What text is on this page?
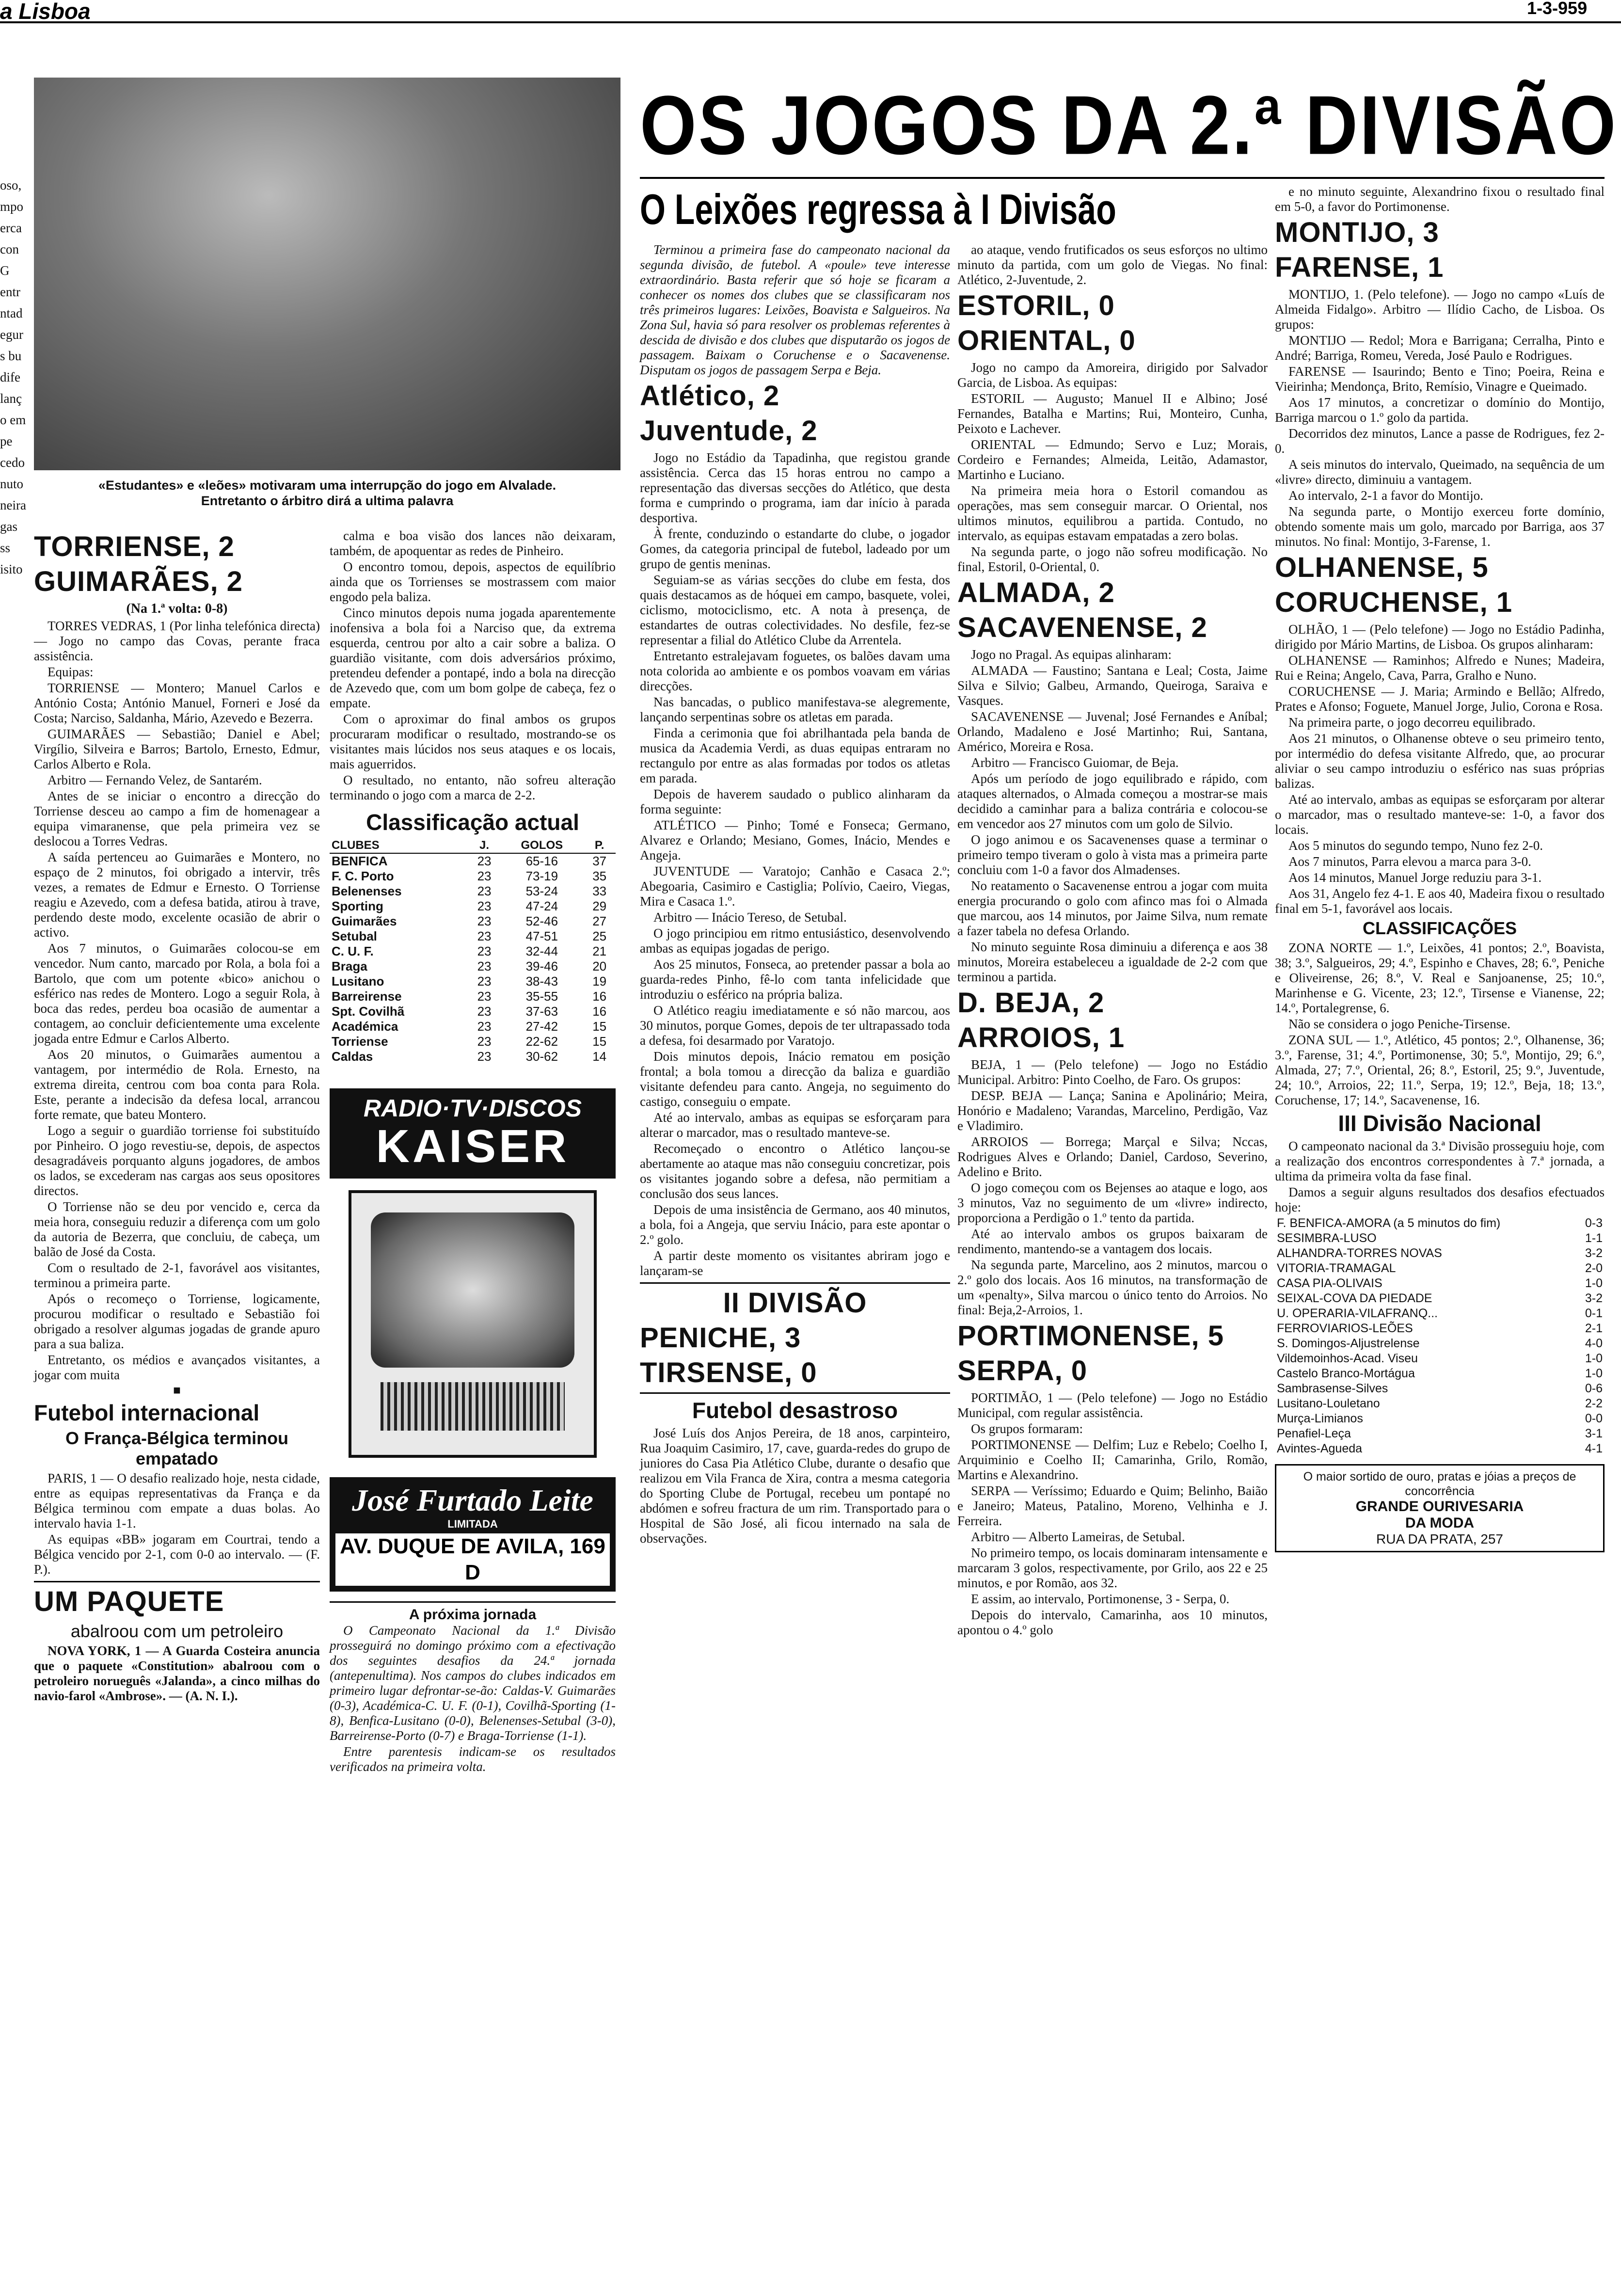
a Lisboa	1-3-959
oso,
mpo
erca
con
G
entr
ntad
egur
s bu
dife
lanç
o em
pe
cedo
nuto
neira
gas
ss
isito
«Estudantes» e «leões» motivaram uma interrupção do jogo em Alvalade.
Entretanto o árbitro dirá a ultima palavra
OS JOGOS DA 2.ª DIVISÃO
TORRIENSE, 2
GUIMARÃES, 2
(Na 1.ª volta: 0-8)

TORRES VEDRAS, 1 (Por linha telefónica directa) — Jogo no campo das Covas, perante fraca assistência.

Equipas:

TORRIENSE — Montero; Manuel Carlos e António Costa; António Manuel, Forneri e José da Costa; Narciso, Saldanha, Mário, Azevedo e Bezerra.

GUIMARÃES — Sebastião; Daniel e Abel; Virgílio, Silveira e Barros; Bartolo, Ernesto, Edmur, Carlos Alberto e Rola.

Arbitro — Fernando Velez, de Santarém.

Antes de se iniciar o encontro a direcção do Torriense desceu ao campo a fim de homenagear a equipa vimaranense, que pela primeira vez se deslocou a Torres Vedras.

A saída pertenceu ao Guimarães e Montero, no espaço de 2 minutos, foi obrigado a intervir, três vezes, a remates de Edmur e Ernesto. O Torriense reagiu e Azevedo, com a defesa batida, atirou à trave, perdendo deste modo, excelente ocasião de abrir o activo.

Aos 7 minutos, o Guimarães colocou-se em vencedor. Num canto, marcado por Rola, a bola foi a Bartolo, que com um potente «bico» anichou o esférico nas redes de Montero. Logo a seguir Rola, à boca das redes, perdeu boa ocasião de aumentar a contagem, ao concluir deficientemente uma excelente jogada entre Edmur e Carlos Alberto.

Aos 20 minutos, o Guimarães aumentou a vantagem, por intermédio de Rola. Ernesto, na extrema direita, centrou com boa conta para Rola. Este, perante a indecisão da defesa local, arrancou forte remate, que bateu Montero.

Logo a seguir o guardião torriense foi substituído por Pinheiro. O jogo revestiu-se, depois, de aspectos desagradáveis porquanto alguns jogadores, de ambos os lados, se excederam nas cargas aos seus opositores directos.

O Torriense não se deu por vencido e, cerca da meia hora, conseguiu reduzir a diferença com um golo da autoria de Bezerra, que concluiu, de cabeça, um balão de José da Costa.

Com o resultado de 2-1, favorável aos visitantes, terminou a primeira parte.

Após o recomeço o Torriense, logicamente, procurou modificar o resultado e Sebastião foi obrigado a resolver algumas jogadas de grande apuro para a sua baliza.

Entretanto, os médios e avançados visitantes, a jogar com muita

■
Futebol internacional
O França-Bélgica terminou empatado

PARIS, 1 — O desafio realizado hoje, nesta cidade, entre as equipas representativas da França e da Bélgica terminou com empate a duas bolas. Ao intervalo havia 1-1.

As equipas «BB» jogaram em Courtrai, tendo a Bélgica vencido por 2-1, com 0-0 ao intervalo. — (F. P.).

UM PAQUETE
abalroou com um petroleiro

NOVA YORK, 1 — A Guarda Costeira anuncia que o paquete «Constitution» abalroou com o petroleiro norueguês «Jalanda», a cinco milhas do navio-farol «Ambrose». — (A. N. I.).

calma e boa visão dos lances não deixaram, também, de apoquentar as redes de Pinheiro.

O encontro tomou, depois, aspectos de equilíbrio ainda que os Torrienses se mostrassem com maior engodo pela baliza.

Cinco minutos depois numa jogada aparentemente inofensiva a bola foi a Narciso que, da extrema esquerda, centrou por alto a cair sobre a baliza. O guardião visitante, com dois adversários próximo, pretendeu defender a pontapé, indo a bola na direcção de Azevedo que, com um bom golpe de cabeça, fez o empate.

Com o aproximar do final ambos os grupos procuraram modificar o resultado, mostrando-se os visitantes mais lúcidos nos seus ataques e os locais, mais aguerridos.

O resultado, no entanto, não sofreu alteração terminando o jogo com a marca de 2-2.

Classificação actual
CLUBES	J.	GOLOS	P.
BENFICA	23	65-16	37
F. C. Porto	23	73-19	35
Belenenses	23	53-24	33
Sporting	23	47-24	29
Guimarães	23	52-46	27
Setubal	23	47-51	25
C. U. F.	23	32-44	21
Braga	23	39-46	20
Lusitano	23	38-43	19
Barreirense	23	35-55	16
Spt. Covilhã	23	37-63	16
Académica	23	27-42	15
Torriense	23	22-62	15
Caldas	23	30-62	14
RADIO·TV·DISCOS
KAISER
José Furtado Leite
LIMITADA
AV. DUQUE DE AVILA, 169 D
A próxima jornada

O Campeonato Nacional da 1.ª Divisão prosseguirá no domingo próximo com a efectivação dos seguintes desafios da 24.ª jornada (antepenultima). Nos campos do clubes indicados em primeiro lugar defrontar-se-ão: Caldas-V. Guimarães (0-3), Académica-C. U. F. (0-1), Covilhã-Sporting (1-8), Benfica-Lusitano (0-0), Belenenses-Setubal (3-0), Barreirense-Porto (0-7) e Braga-Torriense (1-1).

Entre parentesis indicam-se os resultados verificados na primeira volta.

O Leixões regressa à I Divisão

Terminou a primeira fase do campeonato nacional da segunda divisão, de futebol. A «poule» teve interesse extraordinário. Basta referir que só hoje se ficaram a conhecer os nomes dos clubes que se classificaram nos três primeiros lugares: Leixões, Boavista e Salgueiros. Na Zona Sul, havia só para resolver os problemas referentes à descida de divisão e dos clubes que disputarão os jogos de passagem. Baixam o Coruchense e o Sacavenense. Disputam os jogos de passagem Serpa e Beja.

Atlético, 2
Juventude, 2

Jogo no Estádio da Tapadinha, que registou grande assistência. Cerca das 15 horas entrou no campo a representação das diversas secções do Atlético, que desta forma e cumprindo o programa, iam dar início à parada desportiva.

À frente, conduzindo o estandarte do clube, o jogador Gomes, da categoria principal de futebol, ladeado por um grupo de gentis meninas.

Seguiam-se as várias secções do clube em festa, dos quais destacamos as de hóquei em campo, basquete, volei, ciclismo, motociclismo, etc. A nota à presença, de estandartes de outras colectividades. No desfile, fez-se representar a filial do Atlético Clube da Arrentela.

Entretanto estralejavam foguetes, os balões davam uma nota colorida ao ambiente e os pombos voavam em várias direcções.

Nas bancadas, o publico manifestava-se alegremente, lançando serpentinas sobre os atletas em parada.

Finda a cerimonia que foi abrilhantada pela banda de musica da Academia Verdi, as duas equipas entraram no rectangulo por entre as alas formadas por todos os atletas em parada.

Depois de haverem saudado o publico alinharam da forma seguinte:

ATLÉTICO — Pinho; Tomé e Fonseca; Germano, Alvarez e Orlando; Mesiano, Gomes, Inácio, Mendes e Angeja.

JUVENTUDE — Varatojo; Canhão e Casaca 2.º; Abegoaria, Casimiro e Castiglia; Polívio, Caeiro, Viegas, Mira e Casaca 1.º.

Arbitro — Inácio Tereso, de Setubal.

O jogo principiou em ritmo entusiástico, desenvolvendo ambas as equipas jogadas de perigo.

Aos 25 minutos, Fonseca, ao pretender passar a bola ao guarda-redes Pinho, fê-lo com tanta infelicidade que introduziu o esférico na própria baliza.

O Atlético reagiu imediatamente e só não marcou, aos 30 minutos, porque Gomes, depois de ter ultrapassado toda a defesa, foi desarmado por Varatojo.

Dois minutos depois, Inácio rematou em posição frontal; a bola tomou a direcção da baliza e guardião visitante defendeu para canto. Angeja, no seguimento do castigo, conseguiu o empate.

Até ao intervalo, ambas as equipas se esforçaram para alterar o marcador, mas o resultado manteve-se.

Recomeçado o encontro o Atlético lançou-se abertamente ao ataque mas não conseguiu concretizar, pois os visitantes jogando sobre a defesa, não permitiam a conclusão dos seus lances.

Depois de uma insistência de Germano, aos 40 minutos, a bola, foi a Angeja, que serviu Inácio, para este apontar o 2.º golo.

A partir deste momento os visitantes abriram jogo e lançaram-se

II DIVISÃO
PENICHE, 3
TIRSENSE, 0
Futebol desastroso

José Luís dos Anjos Pereira, de 18 anos, carpinteiro, Rua Joaquim Casimiro, 17, cave, guarda-redes do grupo de juniores do Casa Pia Atlético Clube, durante o desafio que realizou em Vila Franca de Xira, contra a mesma categoria do Sporting Clube de Portugal, recebeu um pontapé no abdómen e sofreu fractura de um rim. Transportado para o Hospital de São José, ali ficou internado na sala de observações.

ao ataque, vendo frutificados os seus esforços no ultimo minuto da partida, com um golo de Viegas. No final: Atlético, 2-Juventude, 2.

ESTORIL, 0
ORIENTAL, 0

Jogo no campo da Amoreira, dirigido por Salvador Garcia, de Lisboa. As equipas:

ESTORIL — Augusto; Manuel II e Albino; José Fernandes, Batalha e Martins; Rui, Monteiro, Cunha, Peixoto e Lachever.

ORIENTAL — Edmundo; Servo e Luz; Morais, Cordeiro e Fernandes; Almeida, Leitão, Adamastor, Martinho e Luciano.

Na primeira meia hora o Estoril comandou as operações, mas sem conseguir marcar. O Oriental, nos ultimos minutos, equilibrou a partida. Contudo, no intervalo, as equipas estavam empatadas a zero bolas.

Na segunda parte, o jogo não sofreu modificação. No final, Estoril, 0-Oriental, 0.

ALMADA, 2
SACAVENENSE, 2

Jogo no Pragal. As equipas alinharam:

ALMADA — Faustino; Santana e Leal; Costa, Jaime Silva e Silvio; Galbeu, Armando, Queiroga, Saraiva e Vasques.

SACAVENENSE — Juvenal; José Fernandes e Aníbal; Orlando, Madaleno e José Martinho; Rui, Santana, Américo, Moreira e Rosa.

Arbitro — Francisco Guiomar, de Beja.

Após um período de jogo equilibrado e rápido, com ataques alternados, o Almada começou a mostrar-se mais decidido a caminhar para a baliza contrária e colocou-se em vencedor aos 27 minutos com um golo de Silvio.

O jogo animou e os Sacavenenses quase a terminar o primeiro tempo tiveram o golo à vista mas a primeira parte concluiu com 1-0 a favor dos Almadenses.

No reatamento o Sacavenense entrou a jogar com muita energia procurando o golo com afinco mas foi o Almada que marcou, aos 14 minutos, por Jaime Silva, num remate a fazer tabela no defesa Orlando.

No minuto seguinte Rosa diminuiu a diferença e aos 38 minutos, Moreira estabeleceu a igualdade de 2-2 com que terminou a partida.

D. BEJA, 2
ARROIOS, 1

BEJA, 1 — (Pelo telefone) — Jogo no Estádio Municipal. Arbitro: Pinto Coelho, de Faro. Os grupos:

DESP. BEJA — Lança; Sanina e Apolinário; Meira, Honório e Madaleno; Varandas, Marcelino, Perdigão, Vaz e Vladimiro.

ARROIOS — Borrega; Marçal e Silva; Nccas, Rodrigues Alves e Orlando; Daniel, Cardoso, Severino, Adelino e Brito.

O jogo começou com os Bejenses ao ataque e logo, aos 3 minutos, Vaz no seguimento de um «livre» indirecto, proporciona a Perdigão o 1.º tento da partida.

Até ao intervalo ambos os grupos baixaram de rendimento, mantendo-se a vantagem dos locais.

Na segunda parte, Marcelino, aos 2 minutos, marcou o 2.º golo dos locais. Aos 16 minutos, na transformação de um «penalty», Silva marcou o único tento do Arroios. No final: Beja,2-Arroios, 1.

PORTIMONENSE, 5
SERPA, 0

PORTIMÃO, 1 — (Pelo telefone) — Jogo no Estádio Municipal, com regular assistência.

Os grupos formaram:

PORTIMONENSE — Delfim; Luz e Rebelo; Coelho I, Arquiminio e Coelho II; Camarinha, Grilo, Romão, Martins e Alexandrino.

SERPA — Veríssimo; Eduardo e Quim; Belinho, Baião e Janeiro; Mateus, Patalino, Moreno, Velhinha e J. Ferreira.

Arbitro — Alberto Lameiras, de Setubal.

No primeiro tempo, os locais dominaram intensamente e marcaram 3 golos, respectivamente, por Grilo, aos 22 e 25 minutos, e por Romão, aos 32.

E assim, ao intervalo, Portimonense, 3 - Serpa, 0.

Depois do intervalo, Camarinha, aos 10 minutos, apontou o 4.º golo

e no minuto seguinte, Alexandrino fixou o resultado final em 5-0, a favor do Portimonense.

MONTIJO, 3
FARENSE, 1

MONTIJO, 1. (Pelo telefone). — Jogo no campo «Luís de Almeida Fidalgo». Arbitro — Ilídio Cacho, de Lisboa. Os grupos:

MONTIJO — Redol; Mora e Barrigana; Cerralha, Pinto e André; Barriga, Romeu, Vereda, José Paulo e Rodrigues.

FARENSE — Isaurindo; Bento e Tino; Poeira, Reina e Vieirinha; Mendonça, Brito, Remísio, Vinagre e Queimado.

Aos 17 minutos, a concretizar o domínio do Montijo, Barriga marcou o 1.º golo da partida.

Decorridos dez minutos, Lance a passe de Rodrigues, fez 2-0.

A seis minutos do intervalo, Queimado, na sequência de um «livre» directo, diminuiu a vantagem.

Ao intervalo, 2-1 a favor do Montijo.

Na segunda parte, o Montijo exerceu forte domínio, obtendo somente mais um golo, marcado por Barriga, aos 37 minutos. No final: Montijo, 3-Farense, 1.

OLHANENSE, 5
CORUCHENSE, 1

OLHÃO, 1 — (Pelo telefone) — Jogo no Estádio Padinha, dirigido por Mário Martins, de Lisboa. Os grupos alinharam:

OLHANENSE — Raminhos; Alfredo e Nunes; Madeira, Rui e Reina; Angelo, Cava, Parra, Gralho e Nuno.

CORUCHENSE — J. Maria; Armindo e Bellão; Alfredo, Prates e Afonso; Foguete, Manuel Jorge, Julio, Corona e Rosa.

Na primeira parte, o jogo decorreu equilibrado.

Aos 21 minutos, o Olhanense obteve o seu primeiro tento, por intermédio do defesa visitante Alfredo, que, ao procurar aliviar o seu campo introduziu o esférico nas suas próprias balizas.

Até ao intervalo, ambas as equipas se esforçaram por alterar o marcador, mas o resultado manteve-se: 1-0, a favor dos locais.

Aos 5 minutos do segundo tempo, Nuno fez 2-0.

Aos 7 minutos, Parra elevou a marca para 3-0.

Aos 14 minutos, Manuel Jorge reduziu para 3-1.

Aos 31, Angelo fez 4-1. E aos 40, Madeira fixou o resultado final em 5-1, favorável aos locais.

CLASSIFICAÇÕES

ZONA NORTE — 1.º, Leixões, 41 pontos; 2.º, Boavista, 38; 3.º, Salgueiros, 29; 4.º, Espinho e Chaves, 28; 6.º, Peniche e Oliveirense, 26; 8.º, V. Real e Sanjoanense, 25; 10.º, Marinhense e G. Vicente, 23; 12.º, Tirsense e Vianense, 22; 14.º, Portalegrense, 6.

Não se considera o jogo Peniche-Tirsense.

ZONA SUL — 1.º, Atlético, 45 pontos; 2.º, Olhanense, 36; 3.º, Farense, 31; 4.º, Portimonense, 30; 5.º, Montijo, 29; 6.º, Almada, 27; 7.º, Oriental, 26; 8.º, Estoril, 25; 9.º, Juventude, 24; 10.º, Arroios, 22; 11.º, Serpa, 19; 12.º, Beja, 18; 13.º, Coruchense, 17; 14.º, Sacavenense, 16.

III Divisão Nacional

O campeonato nacional da 3.ª Divisão prosseguiu hoje, com a realização dos encontros correspondentes à 7.ª jornada, a ultima da primeira volta da fase final.

Damos a seguir alguns resultados dos desafios efectuados hoje:

F. BENFICA-AMORA (a 5 minutos do fim)	0-3
SESIMBRA-LUSO	1-1
ALHANDRA-TORRES NOVAS	3-2
VITORIA-TRAMAGAL	2-0
CASA PIA-OLIVAIS	1-0
SEIXAL-COVA DA PIEDADE	3-2
U. OPERARIA-VILAFRANQ...	0-1
FERROVIARIOS-LEÕES	2-1
S. Domingos-Aljustrelense	4-0
Vildemoinhos-Acad. Viseu	1-0
Castelo Branco-Mortágua	1-0
Sambrasense-Silves	0-6
Lusitano-Louletano	2-2
Murça-Limianos	0-0
Penafiel-Leça	3-1
Avintes-Agueda	4-1
O maior sortido de ouro, pratas e jóias a preços de concorrência
GRANDE OURIVESARIA
DA MODA
RUA DA PRATA, 257
